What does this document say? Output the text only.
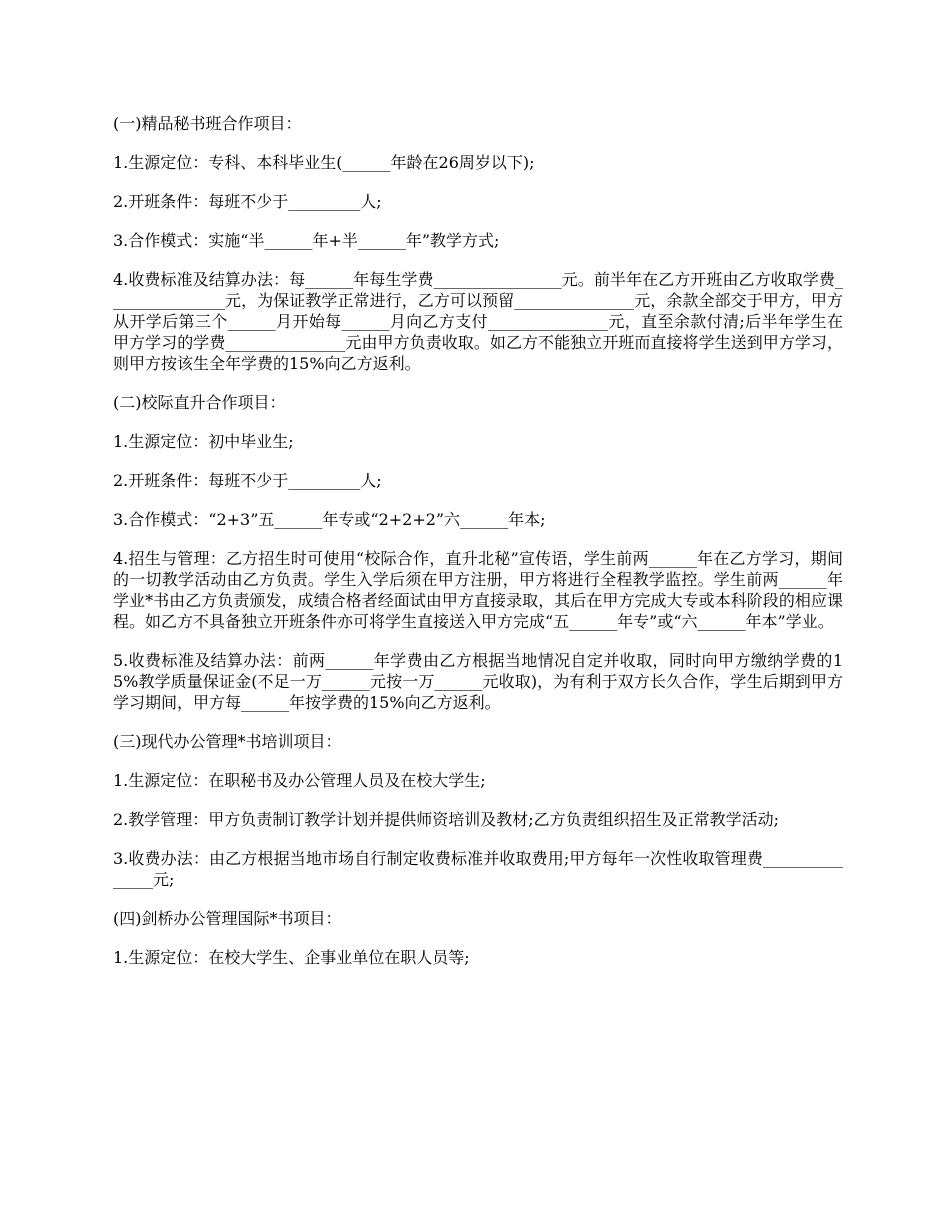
(一)精品秘书班合作项目：

1.生源定位：专科、本科毕业生(______年龄在26周岁以下);

2.开班条件：每班不少于_________人;

3.合作模式：实施“半______年+半______年”教学方式;

4.收费标准及结算办法：每______年每生学费________________元。前半年在乙方开班由乙方收取学费_______________元，为保证教学正常进行，乙方可以预留_______________元，余款全部交于甲方，甲方从开学后第三个______月开始每______月向乙方支付_______________元，直至余款付清;后半年学生在甲方学习的学费_______________元由甲方负责收取。如乙方不能独立开班而直接将学生送到甲方学习，则甲方按该生全年学费的15%向乙方返利。

(二)校际直升合作项目：

1.生源定位：初中毕业生;

2.开班条件：每班不少于_________人;

3.合作模式：“2+3”五______年专或“2+2+2”六______年本;

4.招生与管理：乙方招生时可使用“校际合作，直升北秘”宣传语，学生前两______年在乙方学习，期间的一切教学活动由乙方负责。学生入学后须在甲方注册，甲方将进行全程教学监控。学生前两______年学业*书由乙方负责颁发，成绩合格者经面试由甲方直接录取，其后在甲方完成大专或本科阶段的相应课程。如乙方不具备独立开班条件亦可将学生直接送入甲方完成“五______年专”或“六______年本”学业。

5.收费标准及结算办法：前两______年学费由乙方根据当地情况自定并收取，同时向甲方缴纳学费的15%教学质量保证金(不足一万______元按一万______元收取)，为有利于双方长久合作，学生后期到甲方学习期间，甲方每______年按学费的15%向乙方返利。

(三)现代办公管理*书培训项目：

1.生源定位：在职秘书及办公管理人员及在校大学生;

2.教学管理：甲方负责制订教学计划并提供师资培训及教材;乙方负责组织招生及正常教学活动;

3.收费办法：由乙方根据当地市场自行制定收费标准并收取费用;甲方每年一次性收取管理费_______________元;

(四)剑桥办公管理国际*书项目：

1.生源定位：在校大学生、企事业单位在职人员等;
